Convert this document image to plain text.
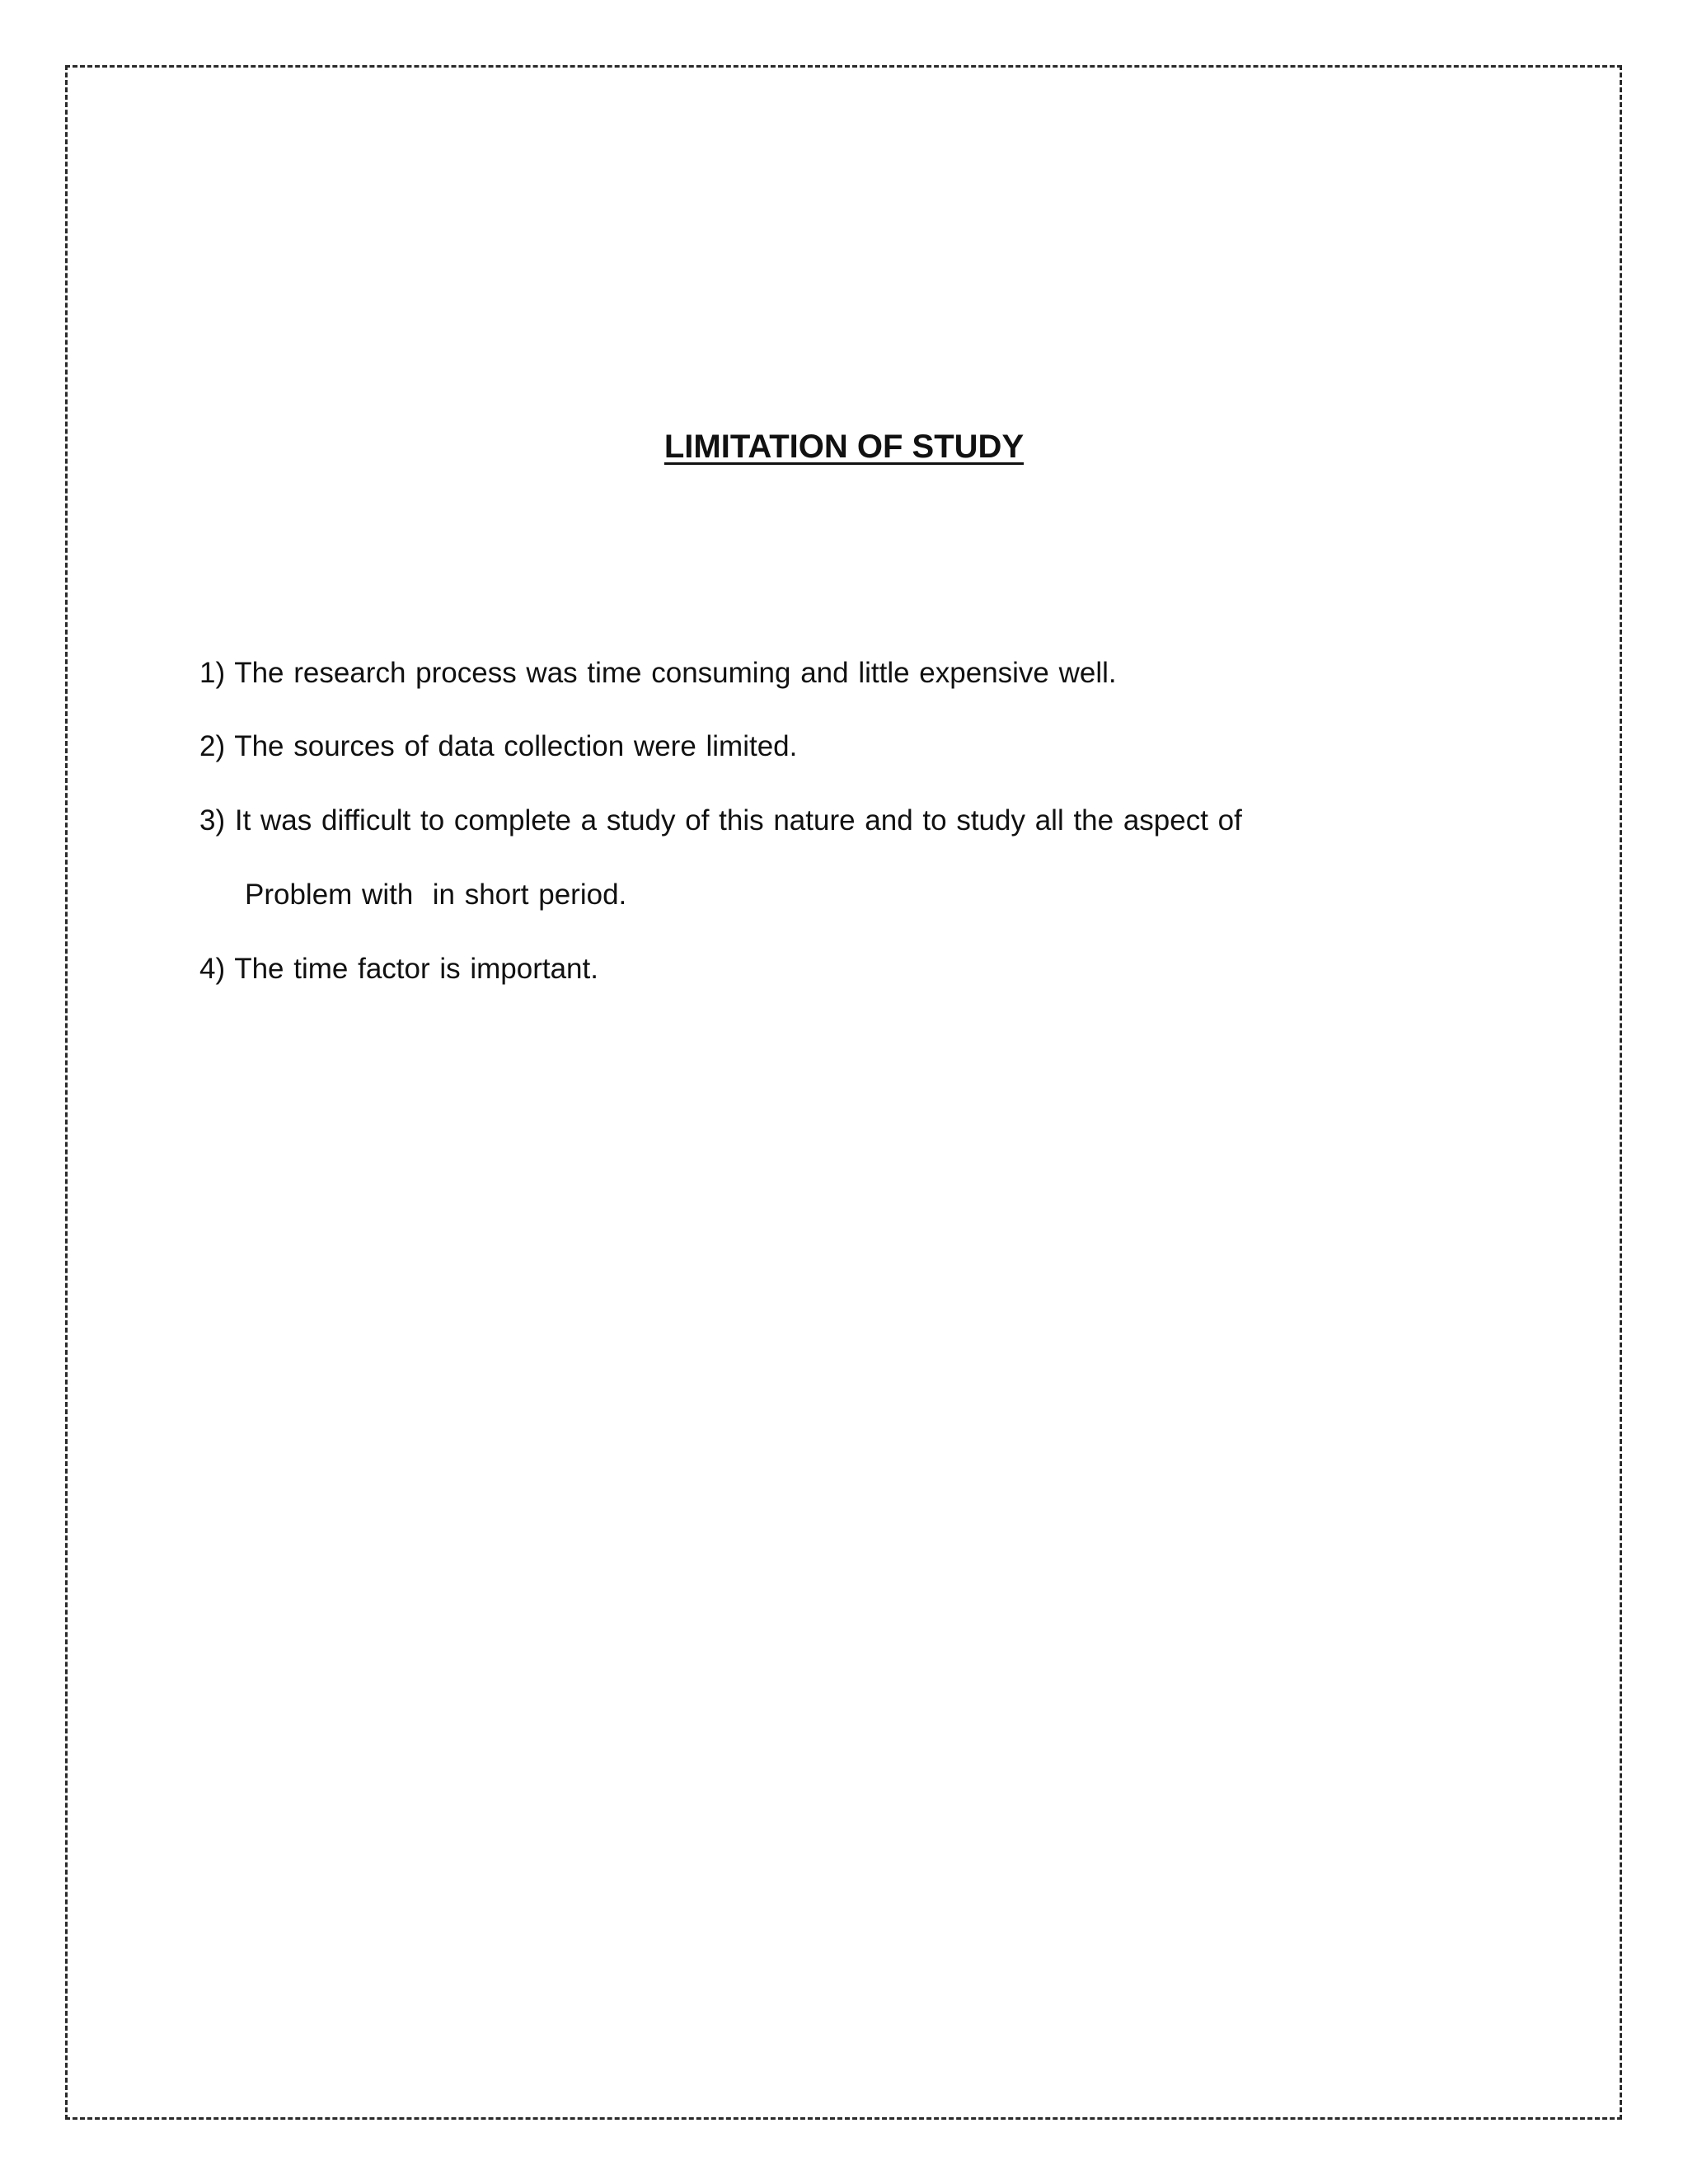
LIMITATION OF STUDY
1) The research process was time consuming and little expensive well.
2) The sources of data collection were limited.
3) It was difficult to complete a study of this nature and to study all the aspect of
Problem with  in short period.
4) The time factor is important.
